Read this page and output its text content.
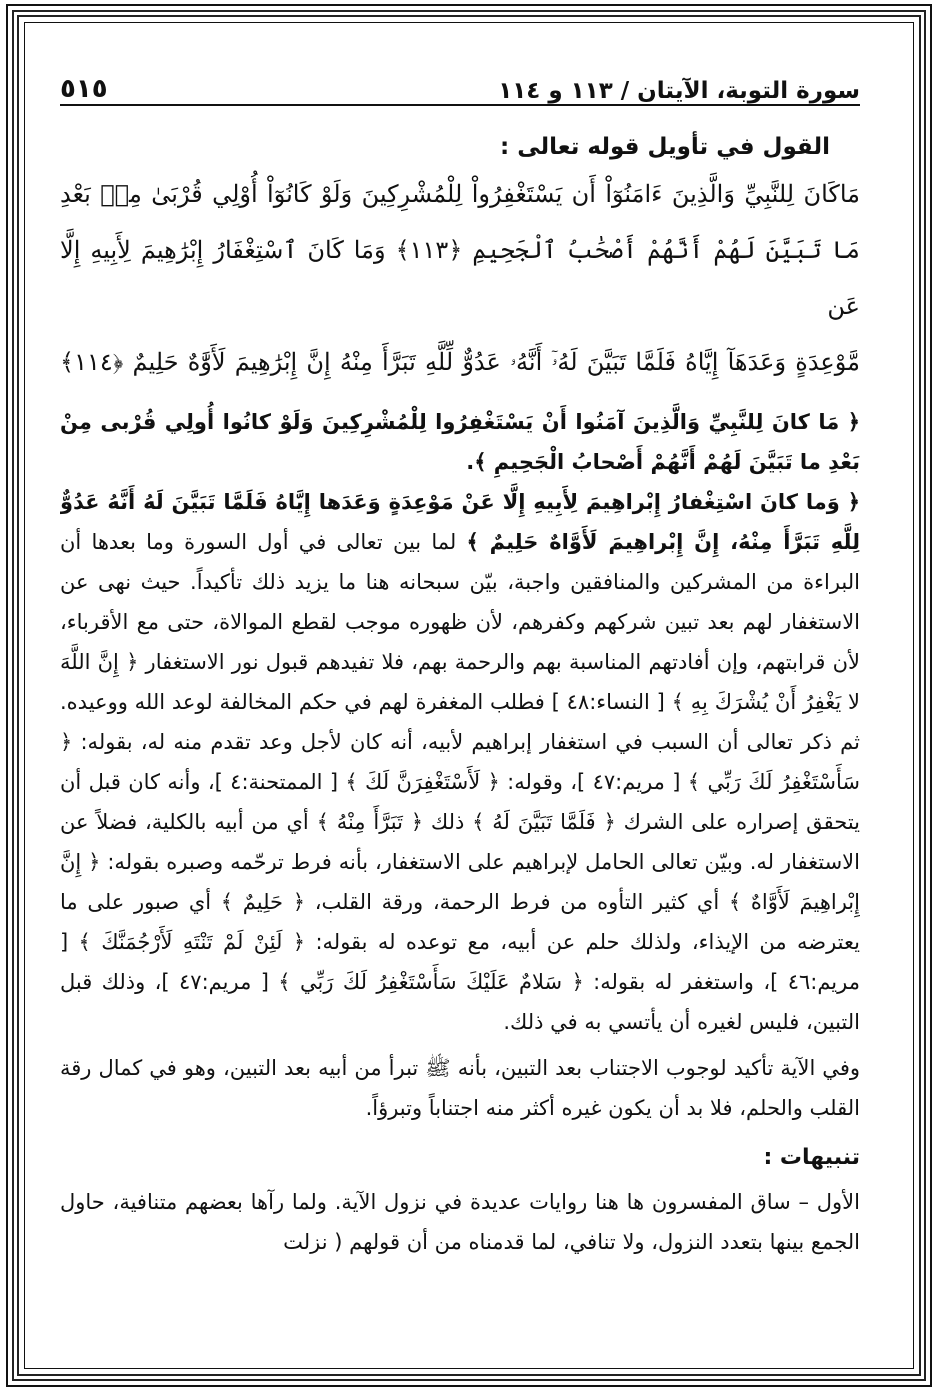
سورة التوبة، الآيتان / ١١٣ و ١١٤
٥١٥
القول في تأويل قوله تعالى :
مَاكَانَ لِلنَّبِيِّ وَالَّذِينَ ءَامَنُوٓاْ أَن يَسْتَغْفِرُواْ لِلْمُشْرِكِينَ وَلَوْ كَانُوٓاْ أُوْلِي قُرْبَىٰ مِنۢ بَعْدِ
مَا تَبَيَّنَ لَهُمْ أَنَّهُمْ أَصْحَٰبُ ٱلْجَحِيمِ ﴿١١٣﴾ وَمَا كَانَ ٱسْتِغْفَارُ إِبْرَٰهِيمَ لِأَبِيهِ إِلَّا عَن
مَّوْعِدَةٍ وَعَدَهَآ إِيَّاهُ فَلَمَّا تَبَيَّنَ لَهُۥٓ أَنَّهُۥ عَدُوٌّ لِّلَّهِ تَبَرَّأَ مِنْهُ إِنَّ إِبْرَٰهِيمَ لَأَوَّٰهٌ حَلِيمٌ ﴿١١٤﴾

﴿ مَا كانَ لِلنَّبِيِّ وَالَّذِينَ آمَنُوا أَنْ يَسْتَغْفِرُوا لِلْمُشْرِكِينَ وَلَوْ كانُوا أُولِي قُرْبى مِنْ بَعْدِ ما تَبَيَّنَ لَهُمْ أَنَّهُمْ أَصْحابُ الْجَحِيمِ ﴾.

﴿ وَما كانَ اسْتِغْفارُ إِبْراهِيمَ لِأَبِيهِ إِلَّا عَنْ مَوْعِدَةٍ وَعَدَها إِيَّاهُ فَلَمَّا تَبَيَّنَ لَهُ أَنَّهُ عَدُوٌّ لِلَّهِ تَبَرَّأَ مِنْهُ، إِنَّ إِبْراهِيمَ لَأَوَّاهٌ حَلِيمٌ ﴾ لما بين تعالى في أول السورة وما بعدها أن البراءة من المشركين والمنافقين واجبة، بيّن سبحانه هنا ما يزيد ذلك تأكيداً. حيث نهى عن الاستغفار لهم بعد تبين شركهم وكفرهم، لأن ظهوره موجب لقطع الموالاة، حتى مع الأقرباء، لأن قرابتهم، وإن أفادتهم المناسبة بهم والرحمة بهم، فلا تفيدهم قبول نور الاستغفار ﴿ إِنَّ اللَّهَ لا يَغْفِرُ أَنْ يُشْرَكَ بِهِ ﴾ [ النساء:٤٨ ] فطلب المغفرة لهم في حكم المخالفة لوعد الله ووعيده. ثم ذكر تعالى أن السبب في استغفار إبراهيم لأبيه، أنه كان لأجل وعد تقدم منه له، بقوله: ﴿ سَأَسْتَغْفِرُ لَكَ رَبِّي ﴾ [ مريم:٤٧ ]، وقوله: ﴿ لَأَسْتَغْفِرَنَّ لَكَ ﴾ [ الممتحنة:٤ ]، وأنه كان قبل أن يتحقق إصراره على الشرك ﴿ فَلَمَّا تَبَيَّنَ لَهُ ﴾ ذلك ﴿ تَبَرَّأَ مِنْهُ ﴾ أي من أبيه بالكلية، فضلاً عن الاستغفار له. وبيّن تعالى الحامل لإبراهيم على الاستغفار، بأنه فرط ترحّمه وصبره بقوله: ﴿ إِنَّ إِبْراهِيمَ لَأَوَّاهٌ ﴾ أي كثير التأوه من فرط الرحمة، ورقة القلب، ﴿ حَلِيمٌ ﴾ أي صبور على ما يعترضه من الإيذاء، ولذلك حلم عن أبيه، مع توعده له بقوله: ﴿ لَئِنْ لَمْ تَنْتَهِ لَأَرْجُمَنَّكَ ﴾ [ مريم:٤٦ ]، واستغفر له بقوله: ﴿ سَلامٌ عَلَيْكَ سَأَسْتَغْفِرُ لَكَ رَبِّي ﴾ [ مريم:٤٧ ]، وذلك قبل التبين، فليس لغيره أن يأتسي به في ذلك.

وفي الآية تأكيد لوجوب الاجتناب بعد التبين، بأنه ﷺ تبرأ من أبيه بعد التبين، وهو في كمال رقة القلب والحلم، فلا بد أن يكون غيره أكثر منه اجتناباً وتبرؤاً.

تنبيهات :

الأول – ساق المفسرون ها هنا روايات عديدة في نزول الآية. ولما رآها بعضهم متنافية، حاول الجمع بينها بتعدد النزول، ولا تنافي، لما قدمناه من أن قولهم ( نزلت
